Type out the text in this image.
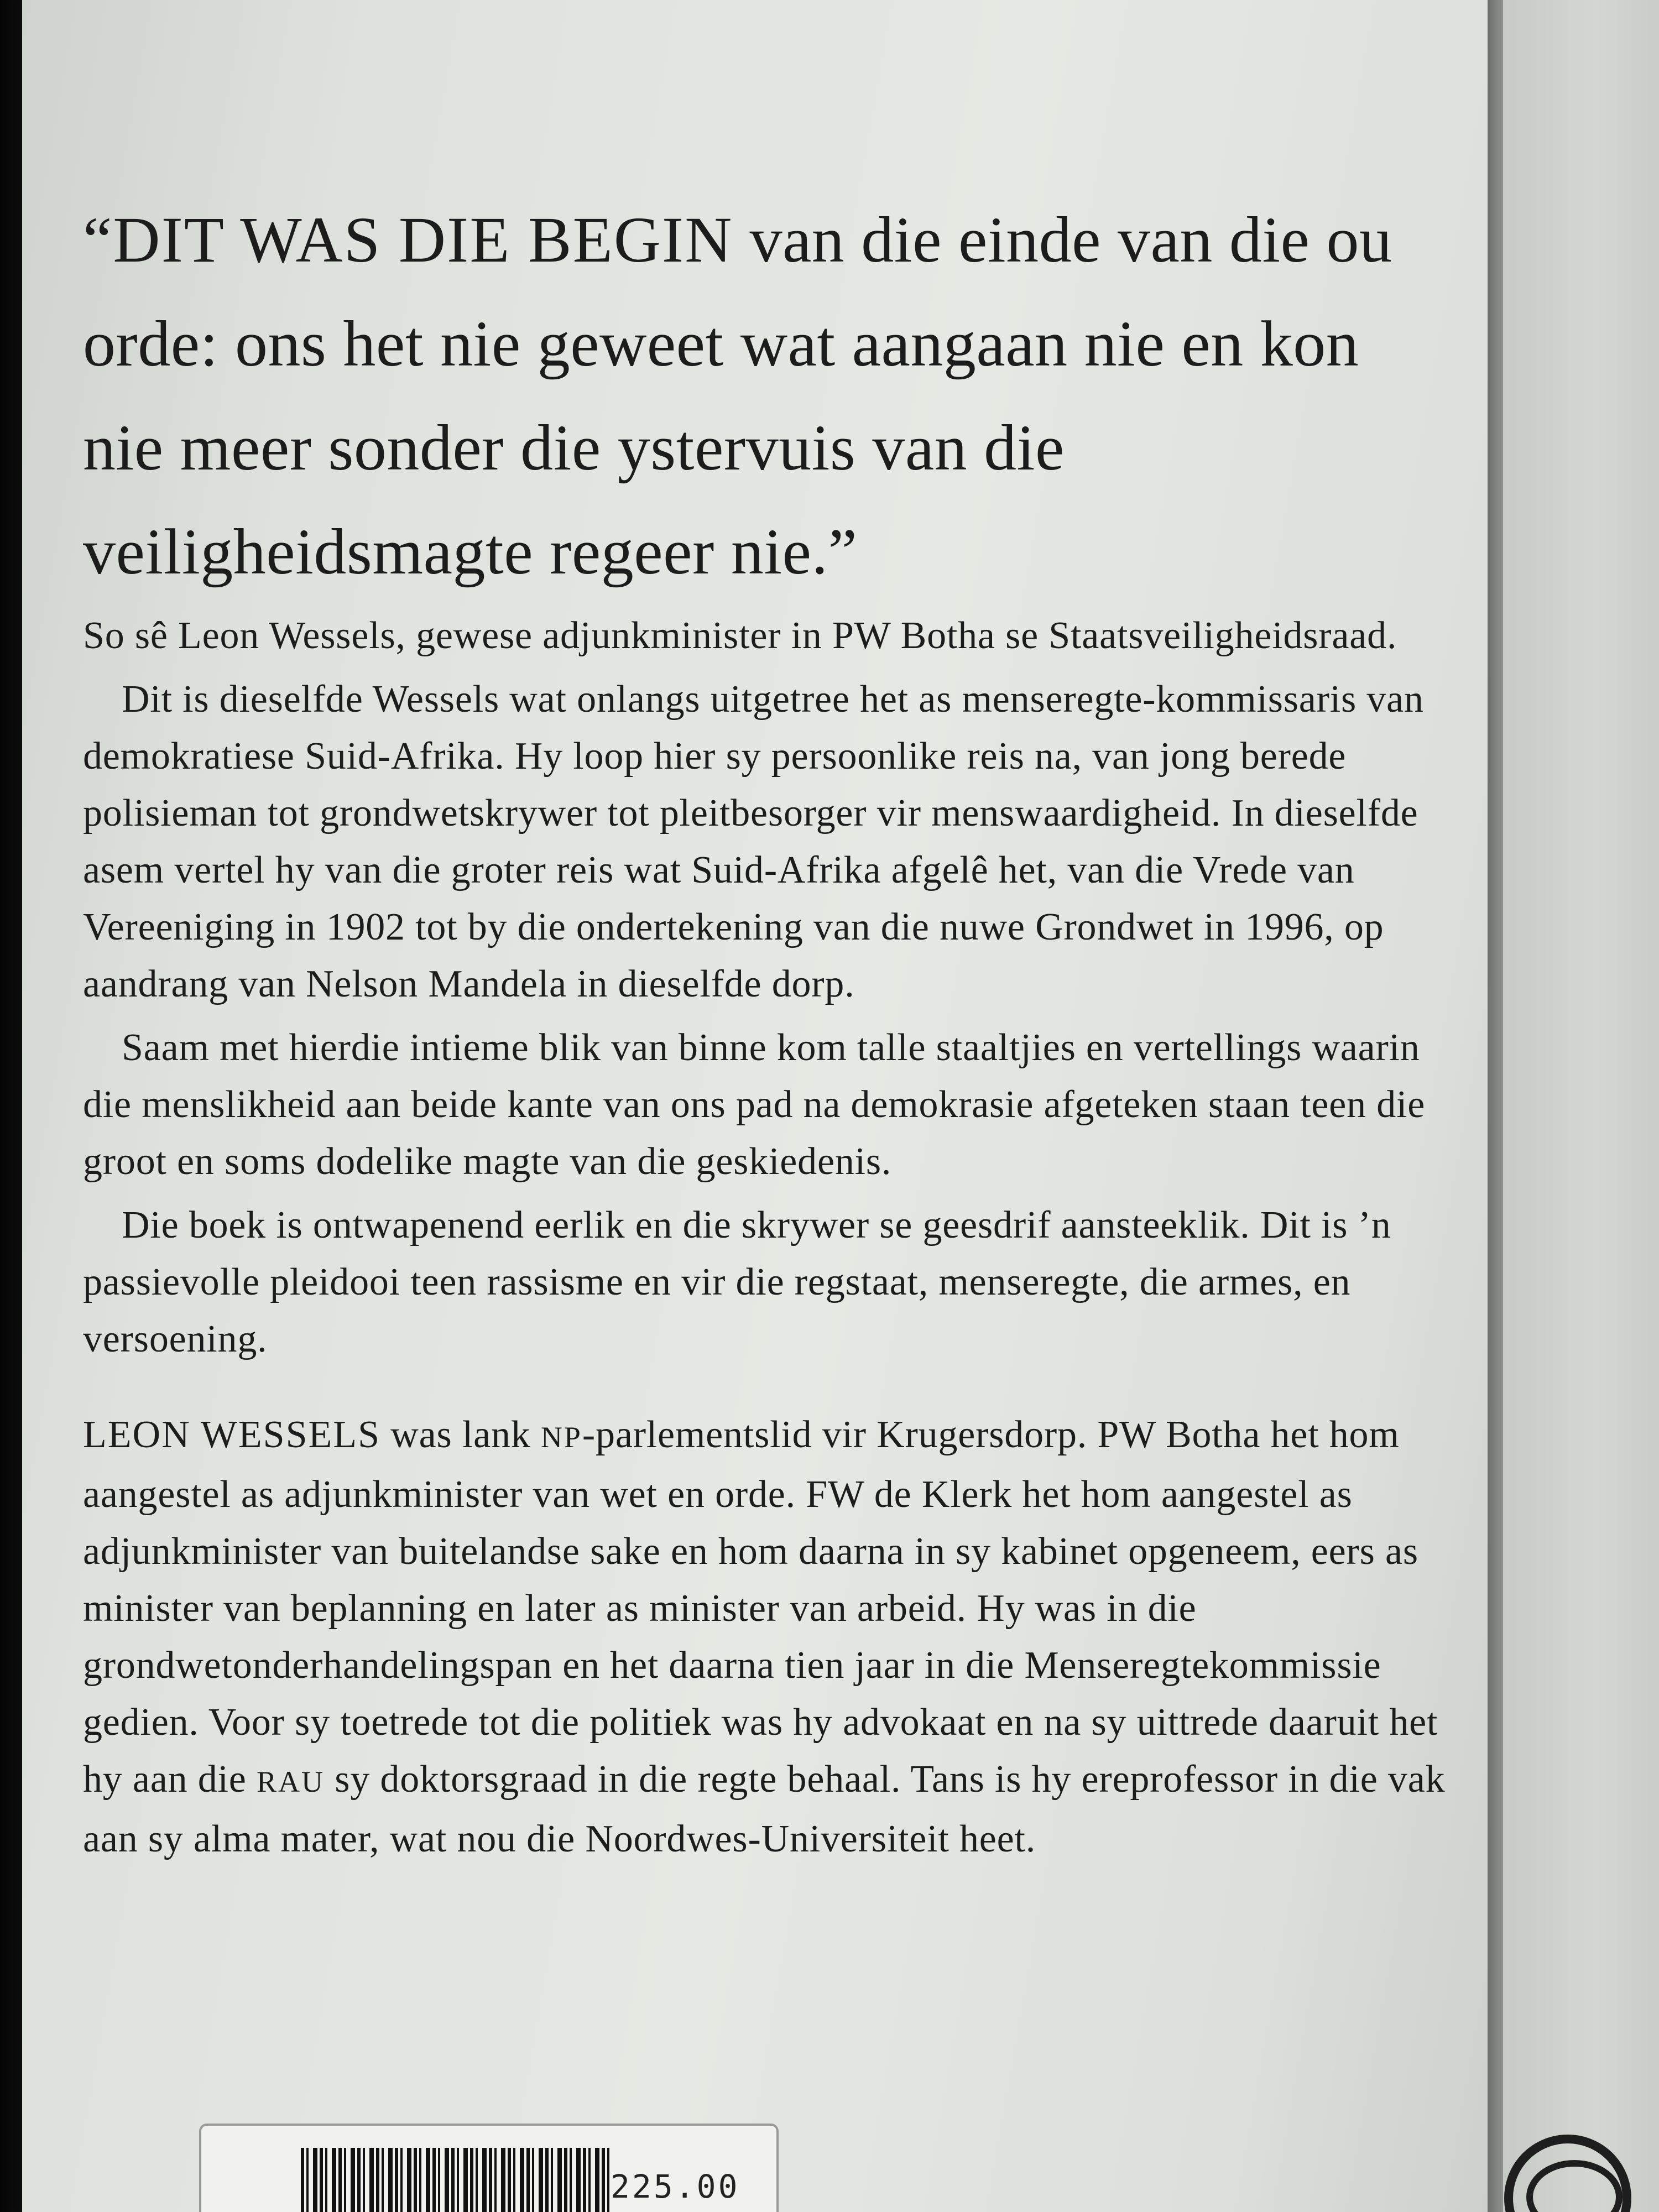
“DIT WAS DIE BEGIN van die einde van die ou orde: ons het nie geweet wat aangaan nie en kon nie meer sonder die ystervuis van die veiligheidsmagte regeer nie.”

So sê Leon Wessels, gewese adjunkminister in PW Botha se Staatsveiligheidsraad.

Dit is dieselfde Wessels wat onlangs uitgetree het as menseregte-kommissaris van demokratiese Suid-Afrika. Hy loop hier sy persoonlike reis na, van jong berede polisieman tot grondwetskrywer tot pleitbesorger vir menswaardigheid. In dieselfde asem vertel hy van die groter reis wat Suid-Afrika afgelê het, van die Vrede van Vereeniging in 1902 tot by die ondertekening van die nuwe Grondwet in 1996, op aandrang van Nelson Mandela in dieselfde dorp.

Saam met hierdie intieme blik van binne kom talle staaltjies en vertellings waarin die menslikheid aan beide kante van ons pad na demokrasie afgeteken staan teen die groot en soms dodelike magte van die geskiedenis.

Die boek is ontwapenend eerlik en die skrywer se geesdrif aansteeklik. Dit is ’n passievolle pleidooi teen rassisme en vir die regstaat, menseregte, die armes, en versoening.

LEON WESSELS was lank NP-parlementslid vir Krugersdorp. PW Botha het hom aangestel as adjunkminister van wet en orde. FW de Klerk het hom aangestel as adjunkminister van buitelandse sake en hom daarna in sy kabinet opgeneem, eers as minister van beplanning en later as minister van arbeid. Hy was in die grondwetonderhandelingspan en het daarna tien jaar in die Menseregtekommissie gedien. Voor sy toetrede tot die politiek was hy advokaat en na sy uittrede daaruit het hy aan die RAU sy doktorsgraad in die regte behaal. Tans is hy ereprofessor in die vak aan sy alma mater, wat nou die Noordwes-Universiteit heet.

225.00
